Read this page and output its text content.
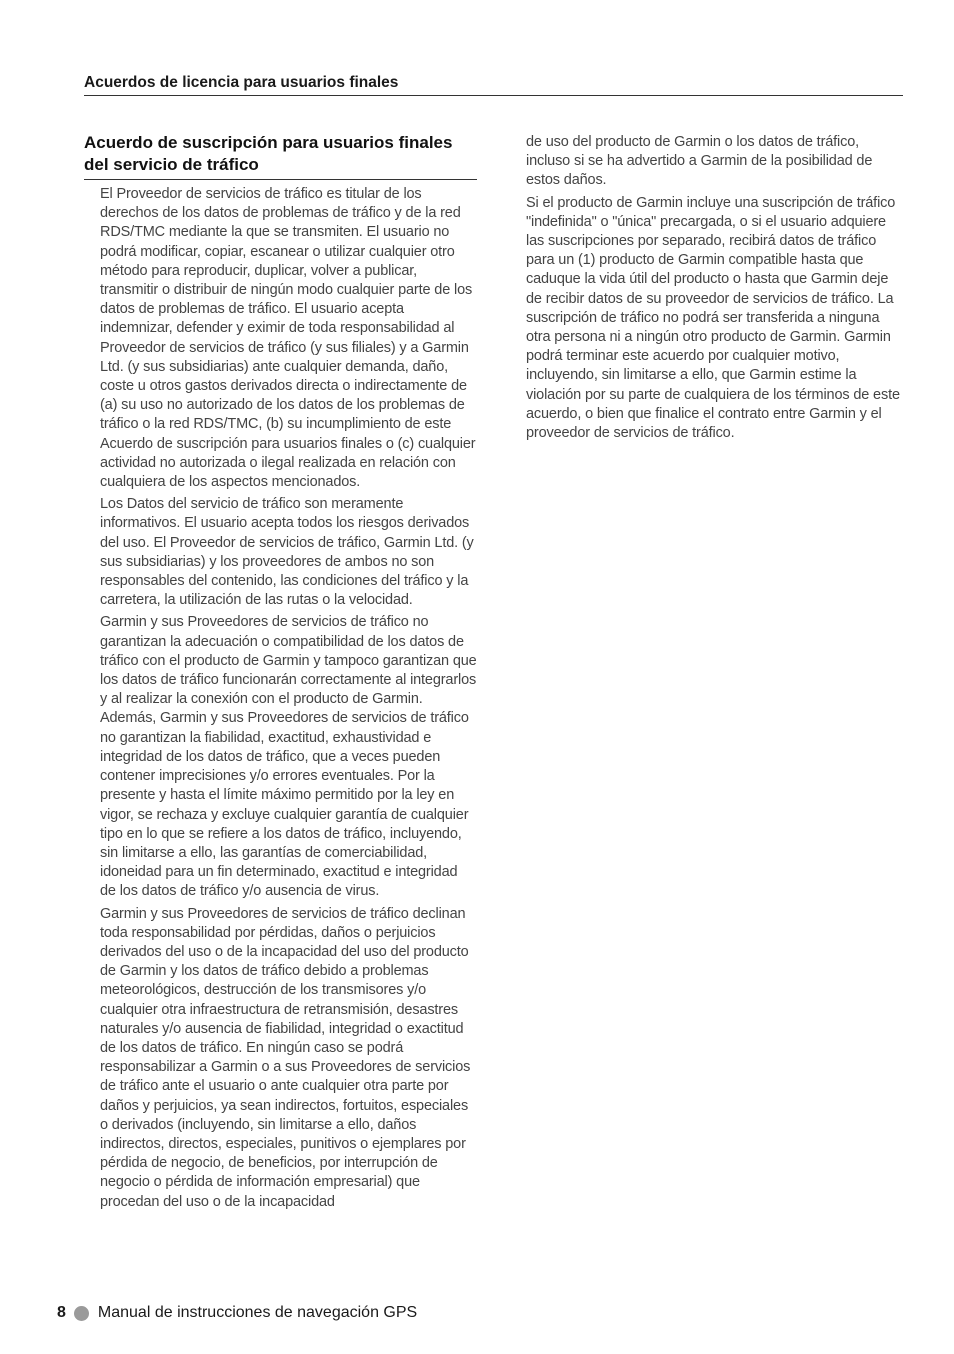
Acuerdos de licencia para usuarios finales
Acuerdo de suscripción para usuarios finales del servicio de tráfico

El Proveedor de servicios de tráfico es titular de los derechos de los datos de problemas de tráfico y de la red RDS/TMC mediante la que se transmiten. El usuario no podrá modificar, copiar, escanear o utilizar cualquier otro método para reproducir, duplicar, volver a publicar, transmitir o distribuir de ningún modo cualquier parte de los datos de problemas de tráfico. El usuario acepta indemnizar, defender y eximir de toda responsabilidad al Proveedor de servicios de tráfico (y sus filiales) y a Garmin Ltd. (y sus subsidiarias) ante cualquier demanda, daño, coste u otros gastos derivados directa o indirectamente de (a) su uso no autorizado de los datos de los problemas de tráfico o la red RDS/TMC, (b) su incumplimiento de este Acuerdo de suscripción para usuarios finales o (c) cualquier actividad no autorizada o ilegal realizada en relación con cualquiera de los aspectos mencionados.

Los Datos del servicio de tráfico son meramente informativos. El usuario acepta todos los riesgos derivados del uso. El Proveedor de servicios de tráfico, Garmin Ltd. (y sus subsidiarias) y los proveedores de ambos no son responsables del contenido, las condiciones del tráfico y la carretera, la utilización de las rutas o la velocidad.

Garmin y sus Proveedores de servicios de tráfico no garantizan la adecuación o compatibilidad de los datos de tráfico con el producto de Garmin y tampoco garantizan que los datos de tráfico funcionarán correctamente al integrarlos y al realizar la conexión con el producto de Garmin. Además, Garmin y sus Proveedores de servicios de tráfico no garantizan la fiabilidad, exactitud, exhaustividad e integridad de los datos de tráfico, que a veces pueden contener imprecisiones y/o errores eventuales. Por la presente y hasta el límite máximo permitido por la ley en vigor, se rechaza y excluye cualquier garantía de cualquier tipo en lo que se refiere a los datos de tráfico, incluyendo, sin limitarse a ello, las garantías de comerciabilidad, idoneidad para un fin determinado, exactitud e integridad de los datos de tráfico y/o ausencia de virus.

Garmin y sus Proveedores de servicios de tráfico declinan toda responsabilidad por pérdidas, daños o perjuicios derivados del uso o de la incapacidad del uso del producto de Garmin y los datos de tráfico debido a problemas meteorológicos, destrucción de los transmisores y/o cualquier otra infraestructura de retransmisión, desastres naturales y/o ausencia de fiabilidad, integridad o exactitud de los datos de tráfico. En ningún caso se podrá responsabilizar a Garmin o a sus Proveedores de servicios de tráfico ante el usuario o ante cualquier otra parte por daños y perjuicios, ya sean indirectos, fortuitos, especiales o derivados (incluyendo, sin limitarse a ello, daños indirectos, directos, especiales, punitivos o ejemplares por pérdida de negocio, de beneficios, por interrupción de negocio o pérdida de información empresarial) que procedan del uso o de la incapacidad

de uso del producto de Garmin o los datos de tráfico, incluso si se ha advertido a Garmin de la posibilidad de estos daños.

Si el producto de Garmin incluye una suscripción de tráfico "indefinida" o "única" precargada, o si el usuario adquiere las suscripciones por separado, recibirá datos de tráfico para un (1) producto de Garmin compatible hasta que caduque la vida útil del producto o hasta que Garmin deje de recibir datos de su proveedor de servicios de tráfico. La suscripción de tráfico no podrá ser transferida a ninguna otra persona ni a ningún otro producto de Garmin. Garmin podrá terminar este acuerdo por cualquier motivo, incluyendo, sin limitarse a ello, que Garmin estime la violación por su parte de cualquiera de los términos de este acuerdo, o bien que finalice el contrato entre Garmin y el proveedor de servicios de tráfico.

8 Manual de instrucciones de navegación GPS
